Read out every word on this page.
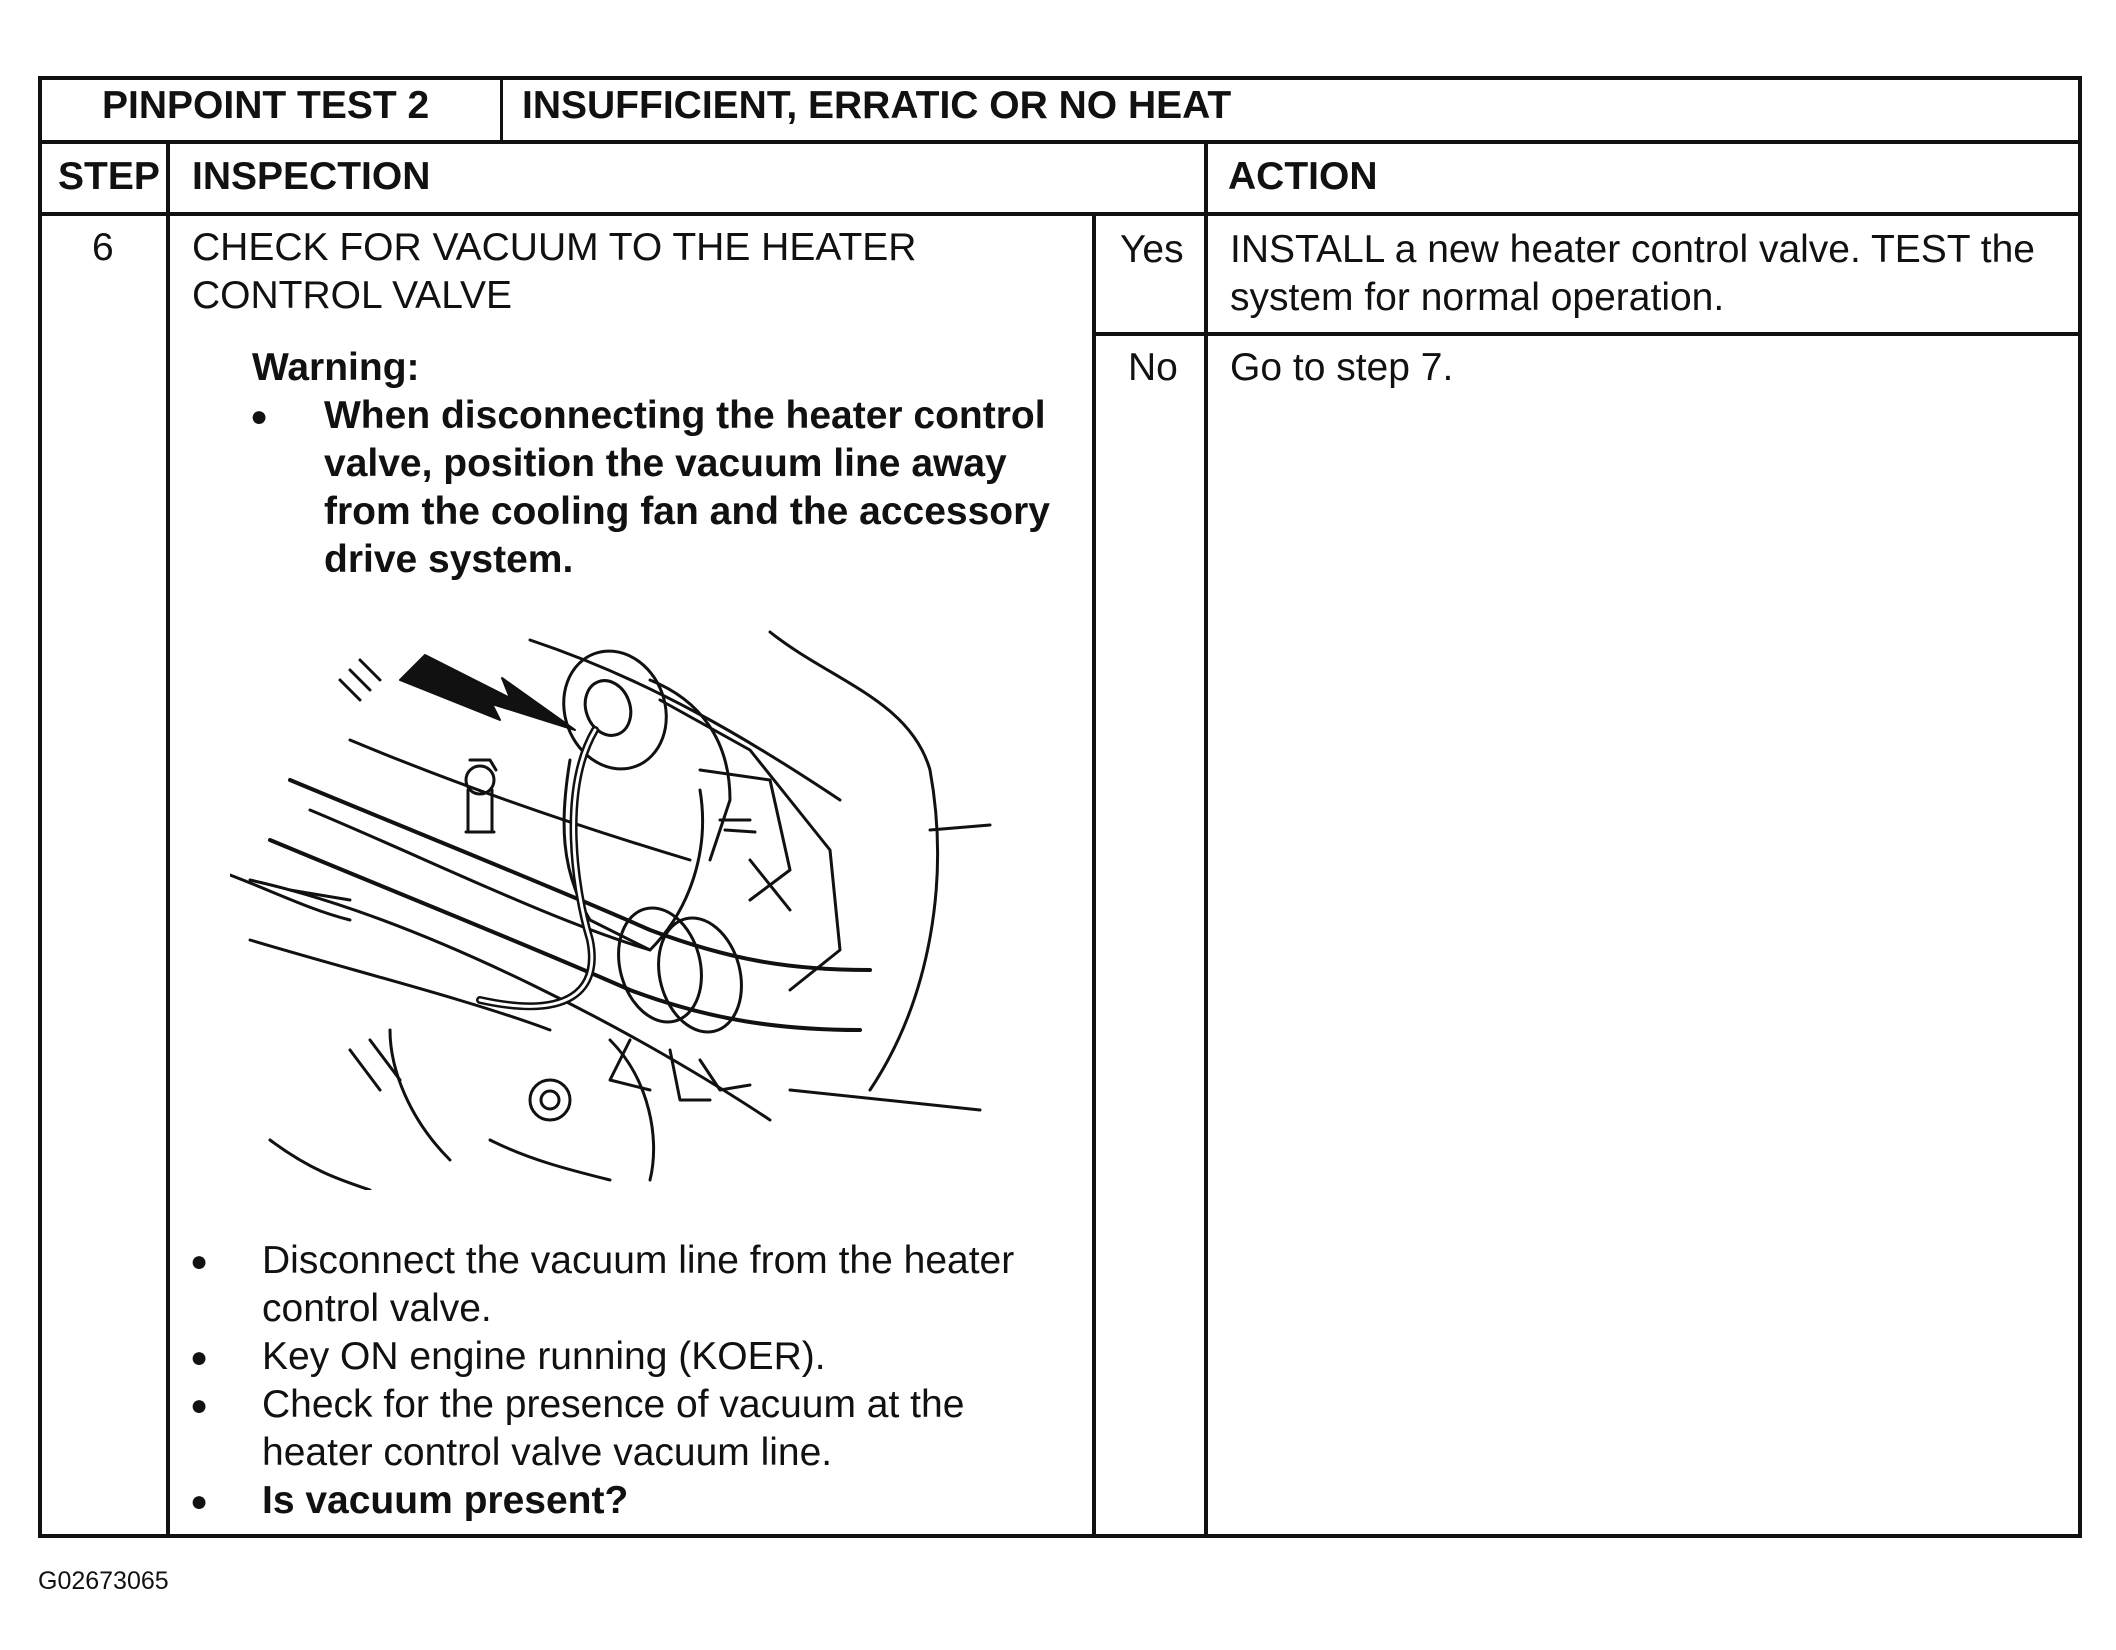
PINPOINT TEST 2 INSUFFICIENT, ERRATIC OR NO HEAT
STEP INSPECTION	ACTION
6 CHECK FOR VACUUM TO THE HEATER
CONTROL VALVE
Warning:
● When disconnecting the heater control
valve, position the vacuum line away
from the cooling fan and the accessory
drive system.
● Disconnect the vacuum line from the heater
control valve.
● Key ON engine running (KOER).
● Check for the presence of vacuum at the
heater control valve vacuum line.
● Is vacuum present?
Yes INSTALL a new heater control valve. TEST the
system for normal operation.
No Go to step 7.
G02673065
